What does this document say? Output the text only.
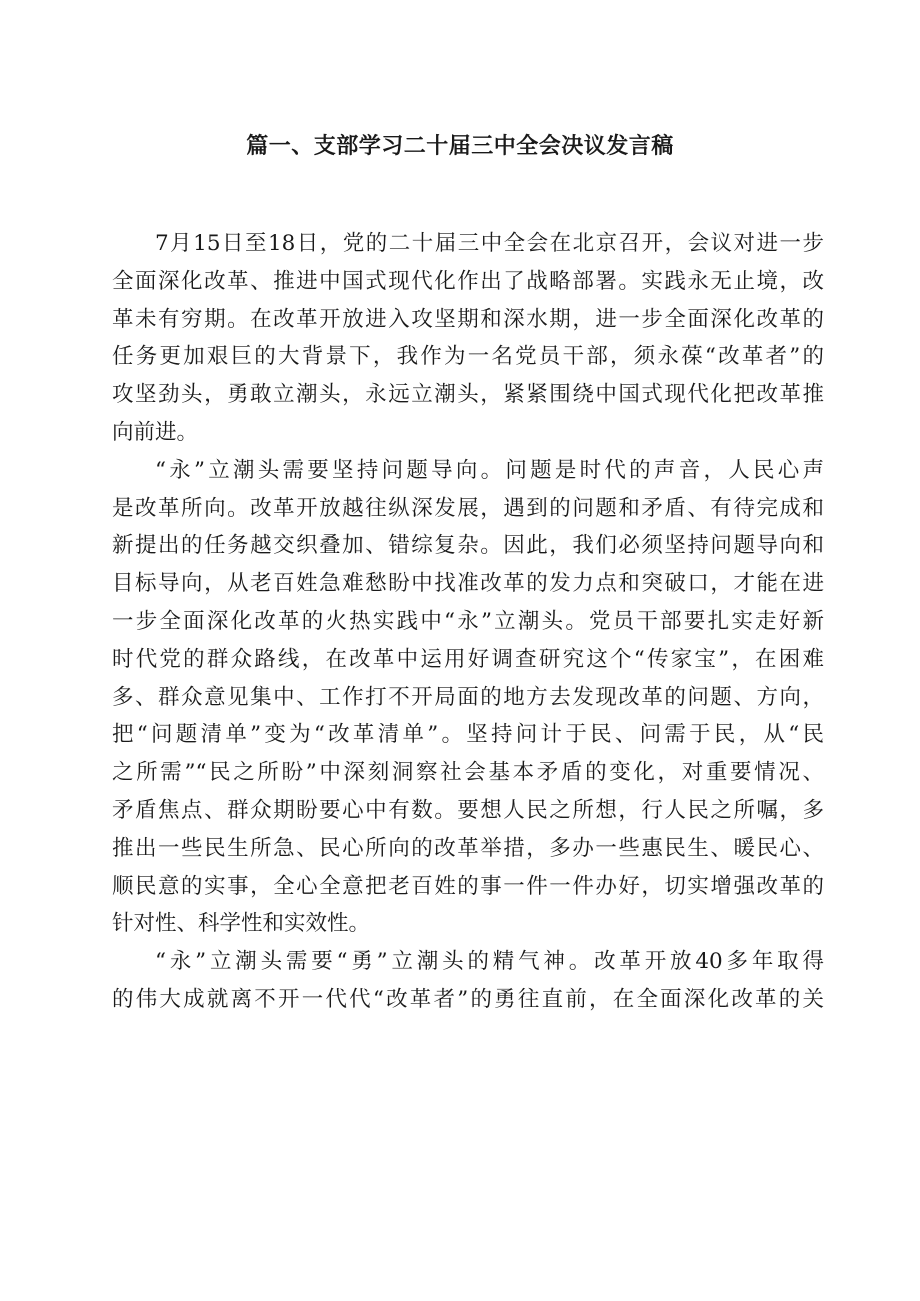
篇一、支部学习二十届三中全会决议发言稿
7月15日至18日，党的二十届三中全会在北京召开，会议对进一步
全面深化改革、推进中国式现代化作出了战略部署。实践永无止境，改
革未有穷期。在改革开放进入攻坚期和深水期，进一步全面深化改革的
任务更加艰巨的大背景下，我作为一名党员干部，须永葆“改革者”的
攻坚劲头，勇敢立潮头，永远立潮头，紧紧围绕中国式现代化把改革推
向前进。
“永”立潮头需要坚持问题导向。问题是时代的声音，人民心声
是改革所向。改革开放越往纵深发展，遇到的问题和矛盾、有待完成和
新提出的任务越交织叠加、错综复杂。因此，我们必须坚持问题导向和
目标导向，从老百姓急难愁盼中找准改革的发力点和突破口，才能在进
一步全面深化改革的火热实践中“永”立潮头。党员干部要扎实走好新
时代党的群众路线，在改革中运用好调查研究这个“传家宝”，在困难
多、群众意见集中、工作打不开局面的地方去发现改革的问题、方向，
把“问题清单”变为“改革清单”。坚持问计于民、问需于民，从“民
之所需”“民之所盼”中深刻洞察社会基本矛盾的变化，对重要情况、
矛盾焦点、群众期盼要心中有数。要想人民之所想，行人民之所嘱，多
推出一些民生所急、民心所向的改革举措，多办一些惠民生、暖民心、
顺民意的实事，全心全意把老百姓的事一件一件办好，切实增强改革的
针对性、科学性和实效性。
“永”立潮头需要“勇”立潮头的精气神。改革开放40多年取得
的伟大成就离不开一代代“改革者”的勇往直前，在全面深化改革的关
